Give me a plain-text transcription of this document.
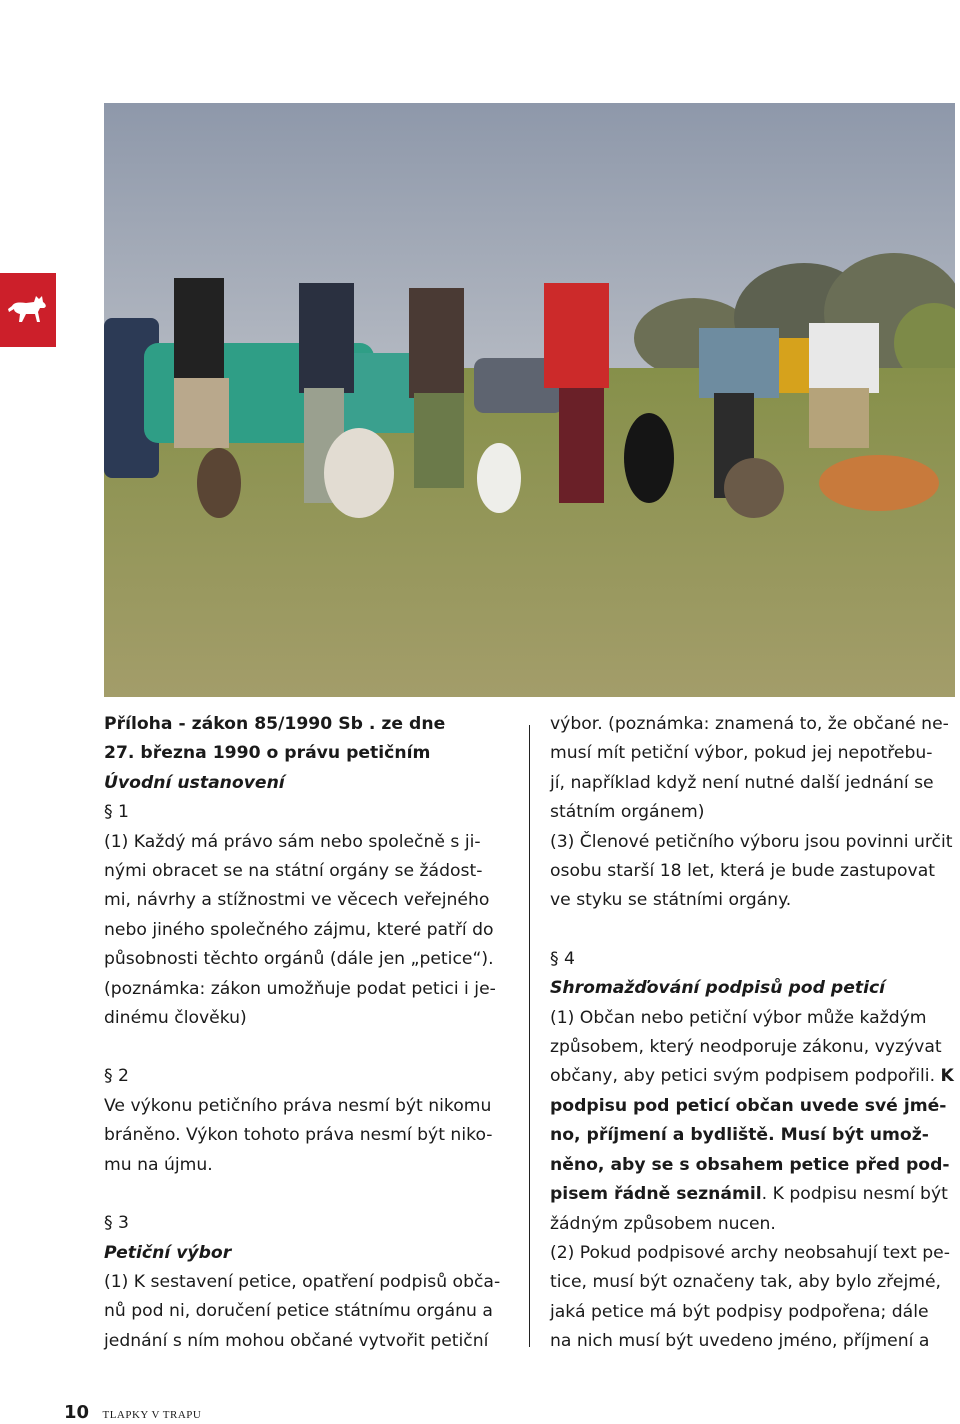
Příloha - zákon 85/1990 Sb . ze dne

27. března 1990 o právu petičním

Úvodní ustanovení

§ 1

(1) Každý má právo sám nebo společně s ji-

nými obracet se na státní orgány se žádost-

mi, návrhy a stížnostmi ve věcech veřejného

nebo jiného společného zájmu, které patří do

působnosti těchto orgánů (dále jen „petice“).

(poznámka: zákon umožňuje podat petici i je-

dinému člověku)

§ 2

Ve výkonu petičního práva nesmí být nikomu

bráněno. Výkon tohoto práva nesmí být niko-

mu na újmu.

§ 3

Petiční výbor

(1) K sestavení petice, opatření podpisů obča-

nů pod ni, doručení petice státnímu orgánu a

jednání s ním mohou občané vytvořit petiční

výbor. (poznámka: znamená to, že občané ne-

musí mít petiční výbor, pokud jej nepotřebu-

jí, například když není nutné další jednání se

státním orgánem)

(3) Členové petičního výboru jsou povinni určit

osobu starší 18 let, která je bude zastupovat

ve styku se státními orgány.

§ 4

Shromažďování podpisů pod peticí

(1) Občan nebo petiční výbor může každým

způsobem, který neodporuje zákonu, vyzývat

občany, aby petici svým podpisem podpořili. K

podpisu pod peticí občan uvede své jmé-

no, příjmení a bydliště. Musí být umož-

něno, aby se s obsahem petice před pod-

pisem řádně seznámil. K podpisu nesmí být

žádným způsobem nucen.

(2) Pokud podpisové archy neobsahují text pe-

tice, musí být označeny tak, aby bylo zřejmé,

jaká petice má být podpisy podpořena; dále

na nich musí být uvedeno jméno, příjmení a

10 TLAPKY V TRAPU
